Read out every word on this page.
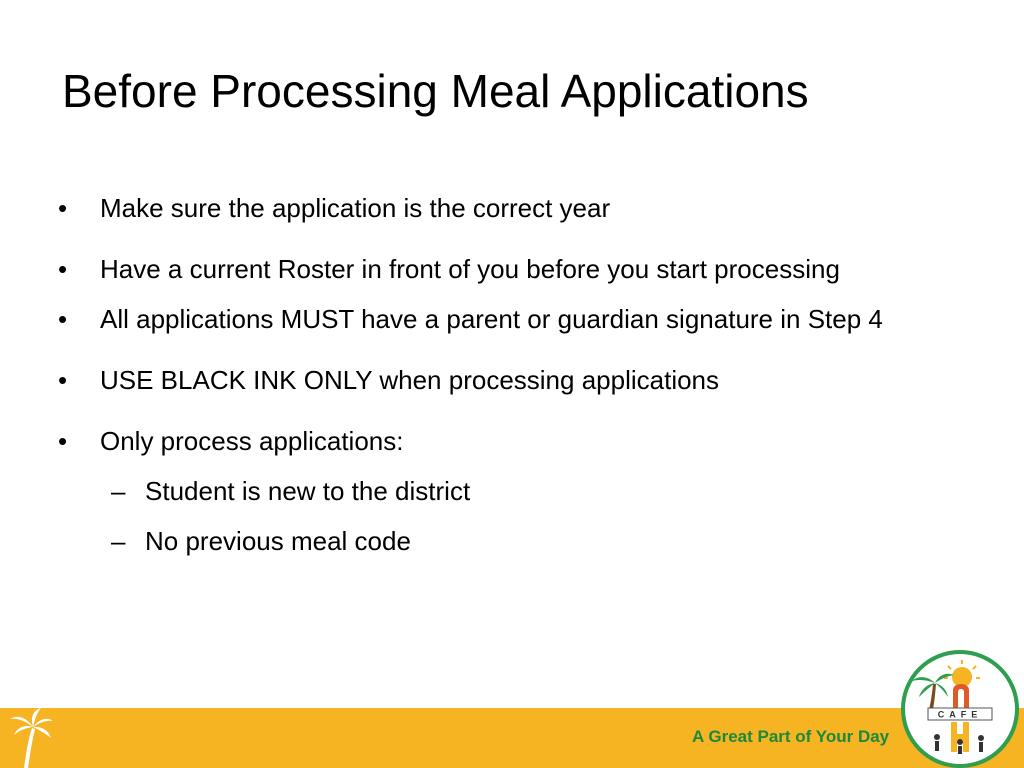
Before Processing Meal Applications
• Make sure the application is the correct year
• Have a current Roster in front of you before you start processing
• All applications MUST have a parent or guardian signature in Step 4
• USE BLACK INK ONLY when processing applications
• Only process applications:
– Student is new to the district
– No previous meal code
A Great Part of Your Day
CAFE
